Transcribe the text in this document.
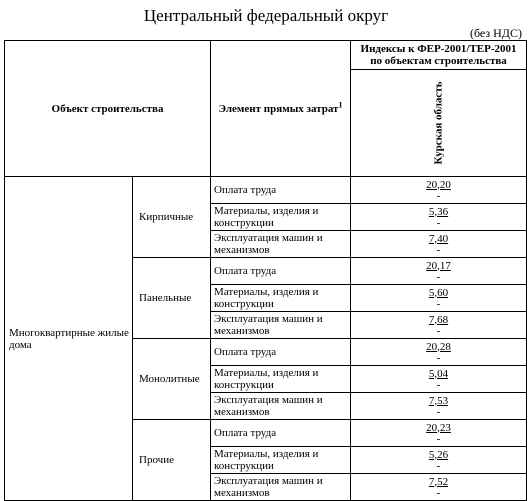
Центральный федеральный округ
(без НДС)
Объект строительства		Элемент прямых затрат$^1$	Индексы к ФЕР-2001/ТЕР-2001 по объектам строительства
			Курская область
Многоквартирные жилые дома	Кирпичные	Оплата труда	20,20
-

		Материалы, изделия и конструкции	5,36
-

		Эксплуатация машин и механизмов	7,40
-

	Панельные	Оплата труда	20,17
-

		Материалы, изделия и конструкции	5,60
-

		Эксплуатация машин и механизмов	7,68
-

	Монолитные	Оплата труда	20,28
-

		Материалы, изделия и конструкции	5,04
-

		Эксплуатация машин и механизмов	7,53
-

	Прочие	Оплата труда	20,23
-

		Материалы, изделия и конструкции	5,26
-

		Эксплуатация машин и механизмов	7,52
-
